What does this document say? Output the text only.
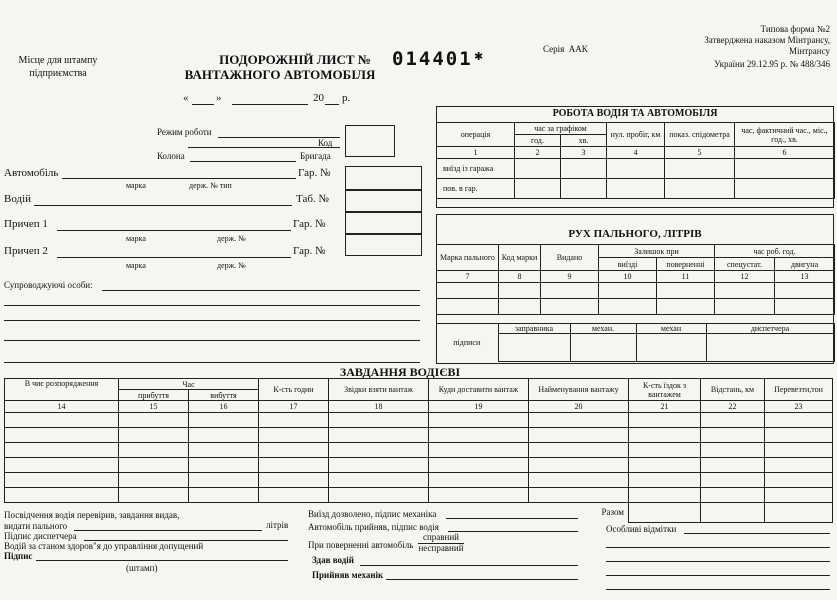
Місце для штампу підприємства
ПОДОРОЖНІЙ ЛИСТ №
ВАНТАЖНОГО АВТОМОБІЛЯ
014401 ✱
Серія ААК
Типова форма №2
Затверджена наказом Мінтрансу,
Мінтрансу
України 29.12.95 р. № 488/346
«	»	20 р.
Режим роботи
Код
Колона	Бригада
Автомобіль	Гар. №
марка	держ. № тип
Водій	Таб. №
Причеп 1	Гар. №
марка	держ. №
Причеп 2	Гар. №
марка	держ. №
Супроводжуючі особи:
РОБОТА ВОДІЯ ТА АВТОМОБІЛЯ
операція	час за графіком		нул. пробіг, км	показ. спідометра	час, фактичний час., міс., год., хв.
	год.	хв.			
1	2	3	4	5	6
виїзд із гаража					
пов. в гар.					
РУХ ПАЛЬНОГО, ЛІТРІВ
Марка пального	Код марки	Видано	Залишок при		час роб. год.	
			виїзді	поверненні	спецустат.	двигуна
7	8	9	10	11	12	13

підписи	заправника	механ.	механ	диспетчера

ЗАВДАННЯ ВОДІЄВІ
В чиє розпорядження	Час		К-сть годин	Звідки взяти вантаж	Куди доставити вантаж	Найменування вантажу	К-сть їздок з вантажем	Відстань, км	Перевезти,тон
	прибуття	вибуття							
14	15	16	17	18	19	20	21	22	23

Разом									
Посвідчення водія перевірив, завдання видав,
видати пального	літрів
Підпис диспетчера
Водій за станом здоров"я до управління допущений
Підпис
(штамп)
Виїзд дозволено, підпис механіка
Автомобіль прийняв, підпис водія
При поверненні автомобіль
справний
несправний
Здав водій
Прийняв механік
Особливі відмітки
